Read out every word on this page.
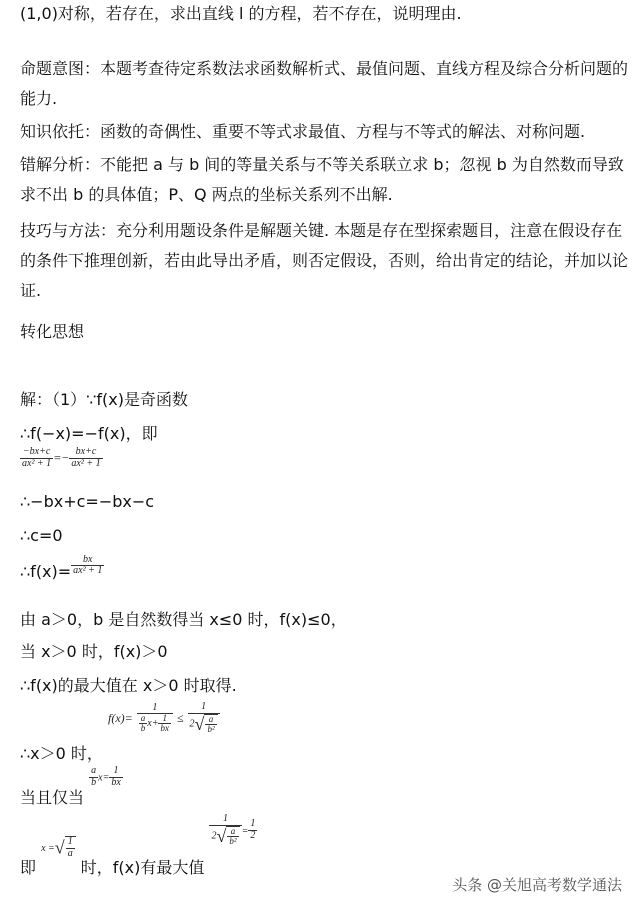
(1,0)对称，若存在，求出直线 l 的方程，若不存在，说明理由.
命题意图：本题考查待定系数法求函数解析式、最值问题、直线方程及综合分析问题的能力.
知识依托：函数的奇偶性、重要不等式求最值、方程与不等式的解法、对称问题.
错解分析：不能把 a 与 b 间的等量关系与不等关系联立求 b；忽视 b 为自然数而导致求不出 b 的具体值；P、Q 两点的坐标关系列不出解.
技巧与方法：充分利用题设条件是解题关键. 本题是存在型探索题目，注意在假设存在的条件下推理创新，若由此导出矛盾，则否定假设，否则，给出肯定的结论，并加以论证.
转化思想
解：（1）∵f(x)是奇函数
∴f(−x)=−f(x)，即
$\frac{-bx+c}{\text{ax² + 1}} =- \frac{bx+c}{\text{ax² + 1}}$
∴−bx+c=−bx−c
∴c=0
∴f(x)= $\frac{bx}{\text{ax² + 1}}$
由 a＞0，b 是自然数得当 x≤0 时，f(x)≤0，
当 x＞0 时，f(x)＞0
∴f(x)的最大值在 x＞0 时取得.
$f(x)= \frac{1}{\frac{a}{b} x+ \frac{1}{bx}} \le \frac{1}{2√ \frac{a}{\text{b²}}}$
∴x＞0 时，
当且仅当
$\frac{a}{b} x= \frac{1}{bx}$
即 x =√ $\frac{1}{a}$
时，f(x)有最大值
$\frac{1}{2√ \frac{a}{\text{b²}}} = \frac{1}{2}$
头条 @关旭高考数学通法
